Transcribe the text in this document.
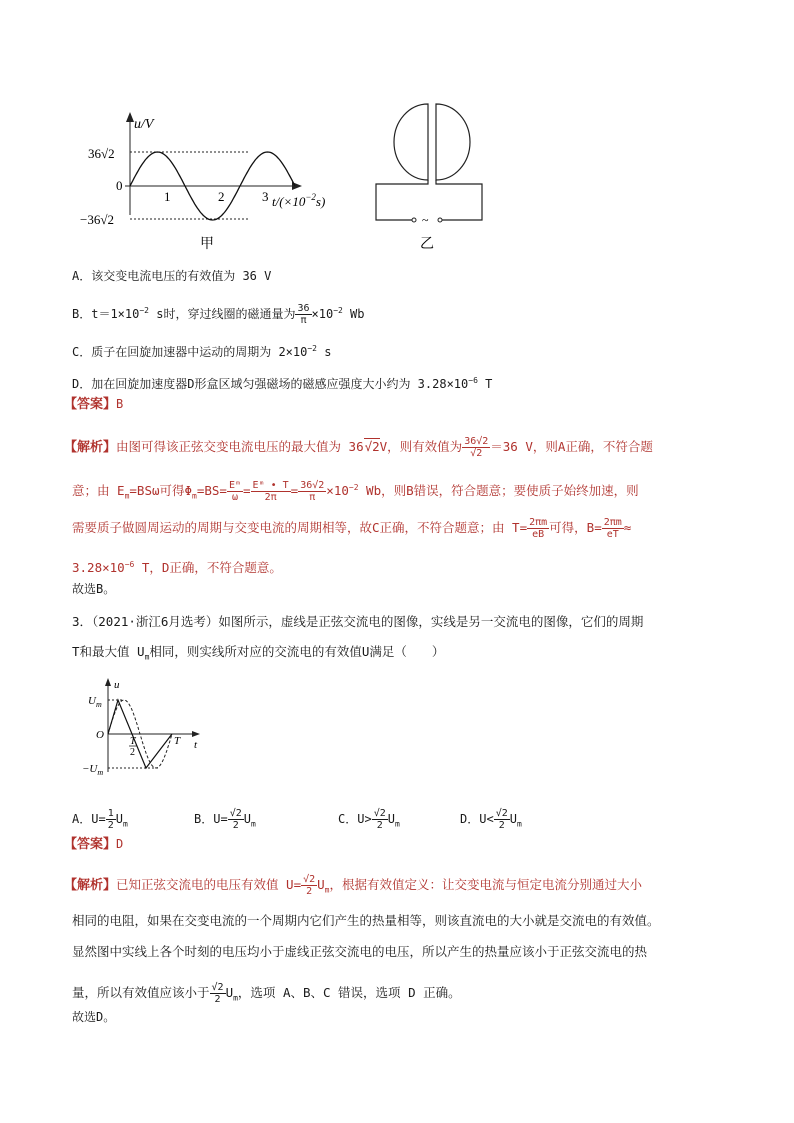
u/V
36√2
0
−36√2
1	2	3 $t/(\times 10^{-2}s)$
甲
~
乙
A．该交变电流电压的有效值为 36 V
B．$t=1\times 10^{-2}$ s时，穿过线圈的磁通量为 $\frac{36}{\pi} \times 10^{-2}$ Wb
C．质子在回旋加速器中运动的周期为 $2\times 10^{-2}$ s
D．加在回旋加速度器D形盒区域匀强磁场的磁感应强度大小约为 $3.28\times 10^{-6}$ T
【答案】B
【解析】由图可得该正弦交变电流电压的最大值为 36√2V，则有效值为 $\frac{36√2}{√2} =36$ V，则A正确，不符合题
意；由 $E_m=BS\omega$可得$\Phi_m=BS= \frac{\text{Eᵐ}}{\omega} = \frac{\text{Eᵐ • T}}{2\pi} = \frac{36√2}{\pi} \times 10^{-2}$ Wb，则B错误，符合题意；要使质子始终加速，则
需要质子做圆周运动的周期与交变电流的周期相等，故C正确，不符合题意；由 $T= \frac{2\pi m}{eB}$ 可得，$B= \frac{2\pi m}{eT}$ ≈
$3.28\times 10^{-6}$ T，D正确，不符合题意。
故选B。
3．（2021·浙江6月选考）如图所示，虚线是正弦交流电的图像，实线是另一交流电的图像，它们的周期
T和最大值 $U_m$相同，则实线所对应的交流电的有效值U满足（　　）
u
$U_m$
O
$-U_m$
T
2
T t
A．$U= \frac{1}{2} U_m$	B．$U= \frac{√2}{2} U_m$	C．$U> \frac{√2}{2} U_m$	D．$U< \frac{√2}{2} U_m$
【答案】D
【解析】已知正弦交流电的电压有效值 $U= \frac{√2}{2} U_m$，根据有效值定义：让交变电流与恒定电流分别通过大小
相同的电阻，如果在交变电流的一个周期内它们产生的热量相等，则该直流电的大小就是交流电的有效值。
显然图中实线上各个时刻的电压均小于虚线正弦交流电的电压，所以产生的热量应该小于正弦交流电的热
量，所以有效值应该小于 $\frac{√2}{2} U_m$，选项 A、B、C 错误，选项 D 正确。
故选D。
